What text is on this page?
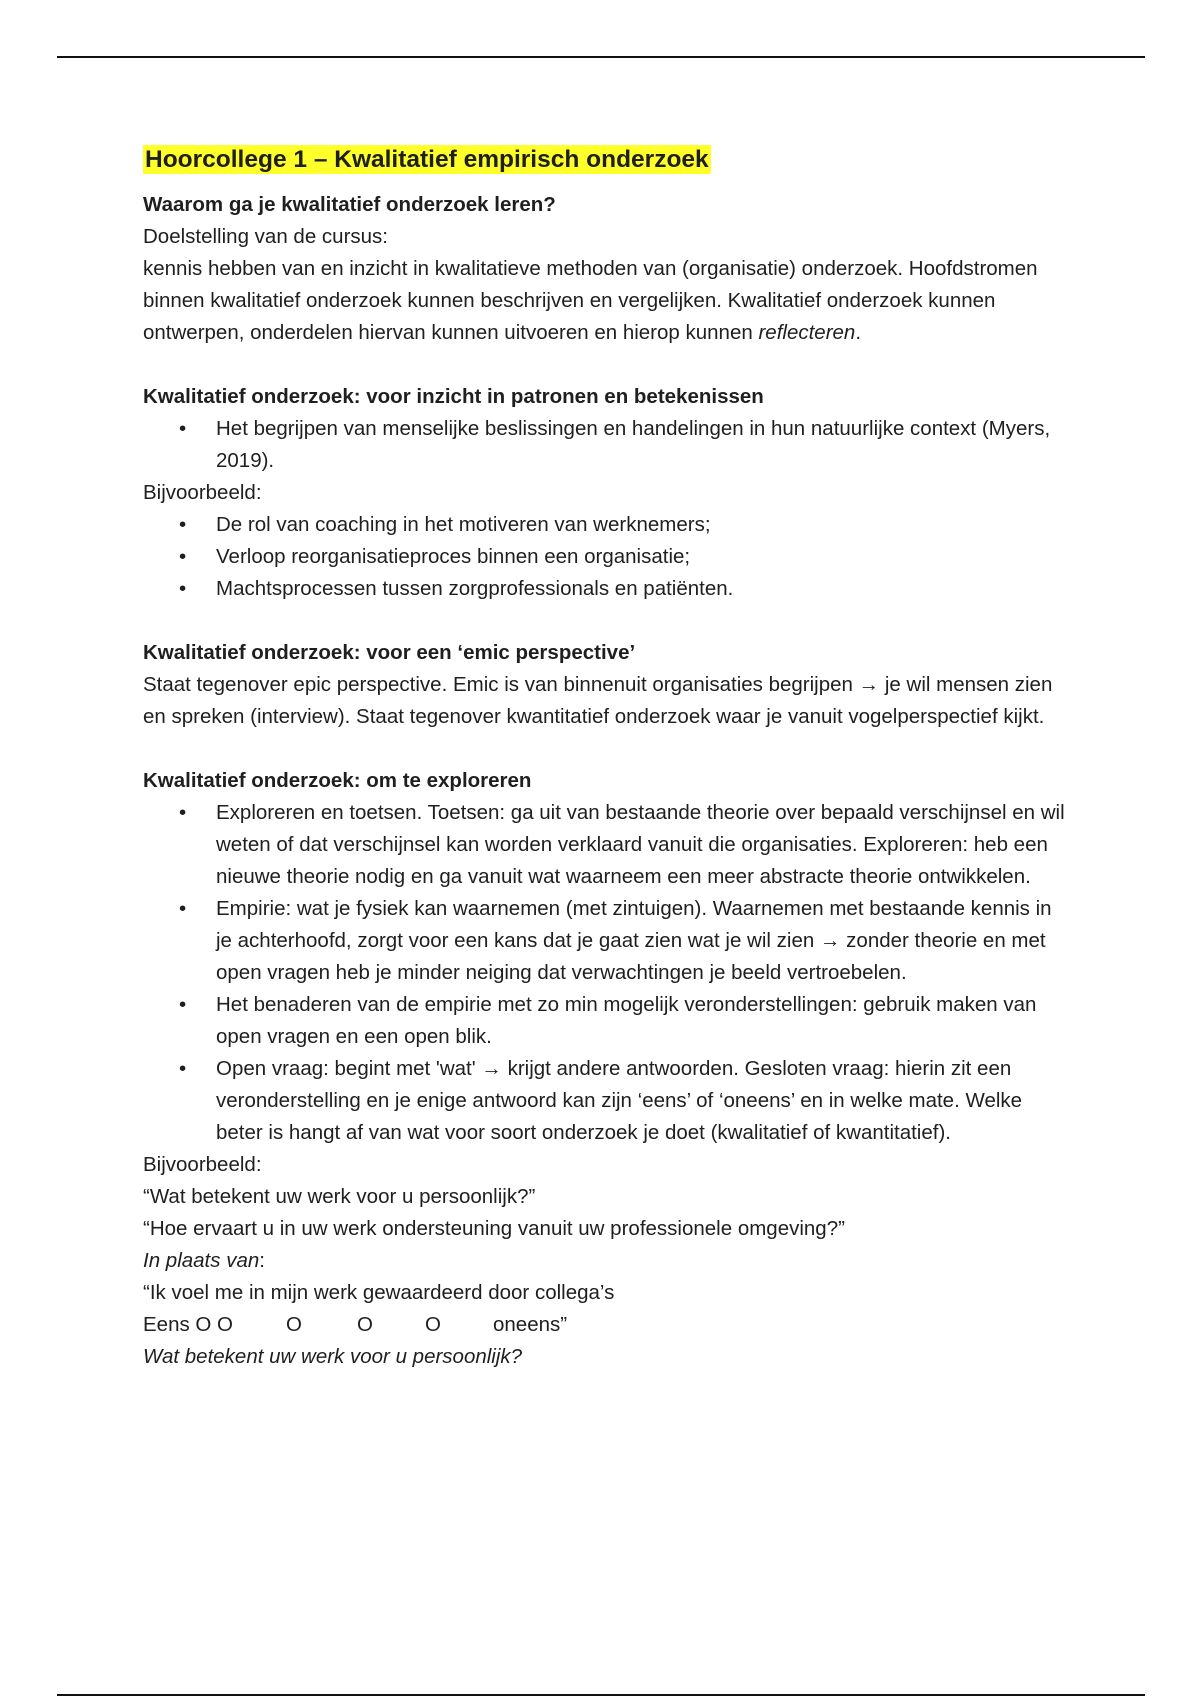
Hoorcollege 1 – Kwalitatief empirisch onderzoek

Waarom ga je kwalitatief onderzoek leren?

Doelstelling van de cursus:

kennis hebben van en inzicht in kwalitatieve methoden van (organisatie) onderzoek. Hoofdstromen binnen kwalitatief onderzoek kunnen beschrijven en vergelijken. Kwalitatief onderzoek kunnen ontwerpen, onderdelen hiervan kunnen uitvoeren en hierop kunnen reflecteren.

Kwalitatief onderzoek: voor inzicht in patronen en betekenissen

• Het begrijpen van menselijke beslissingen en handelingen in hun natuurlijke context (Myers, 2019).

Bijvoorbeeld:

• De rol van coaching in het motiveren van werknemers;
• Verloop reorganisatieproces binnen een organisatie;
• Machtsprocessen tussen zorgprofessionals en patiënten.

Kwalitatief onderzoek: voor een ‘emic perspective’

Staat tegenover epic perspective. Emic is van binnenuit organisaties begrijpen → je wil mensen zien en spreken (interview). Staat tegenover kwantitatief onderzoek waar je vanuit vogelperspectief kijkt.

Kwalitatief onderzoek: om te exploreren

• Exploreren en toetsen. Toetsen: ga uit van bestaande theorie over bepaald verschijnsel en wil weten of dat verschijnsel kan worden verklaard vanuit die organisaties. Exploreren: heb een nieuwe theorie nodig en ga vanuit wat waarneem een meer abstracte theorie ontwikkelen.
• Empirie: wat je fysiek kan waarnemen (met zintuigen). Waarnemen met bestaande kennis in je achterhoofd, zorgt voor een kans dat je gaat zien wat je wil zien → zonder theorie en met open vragen heb je minder neiging dat verwachtingen je beeld vertroebelen.
• Het benaderen van de empirie met zo min mogelijk veronderstellingen: gebruik maken van open vragen en een open blik.
• Open vraag: begint met 'wat' → krijgt andere antwoorden. Gesloten vraag: hierin zit een veronderstelling en je enige antwoord kan zijn ‘eens’ of ‘oneens’ en in welke mate. Welke beter is hangt af van wat voor soort onderzoek je doet (kwalitatief of kwantitatief).

Bijvoorbeeld:

“Wat betekent uw werk voor u persoonlijk?”

“Hoe ervaart u in uw werk ondersteuning vanuit uw professionele omgeving?”

In plaats van:

“Ik voel me in mijn werk gewaardeerd door collega’s

Eens O O	O	O	O	oneens”

Wat betekent uw werk voor u persoonlijk?
